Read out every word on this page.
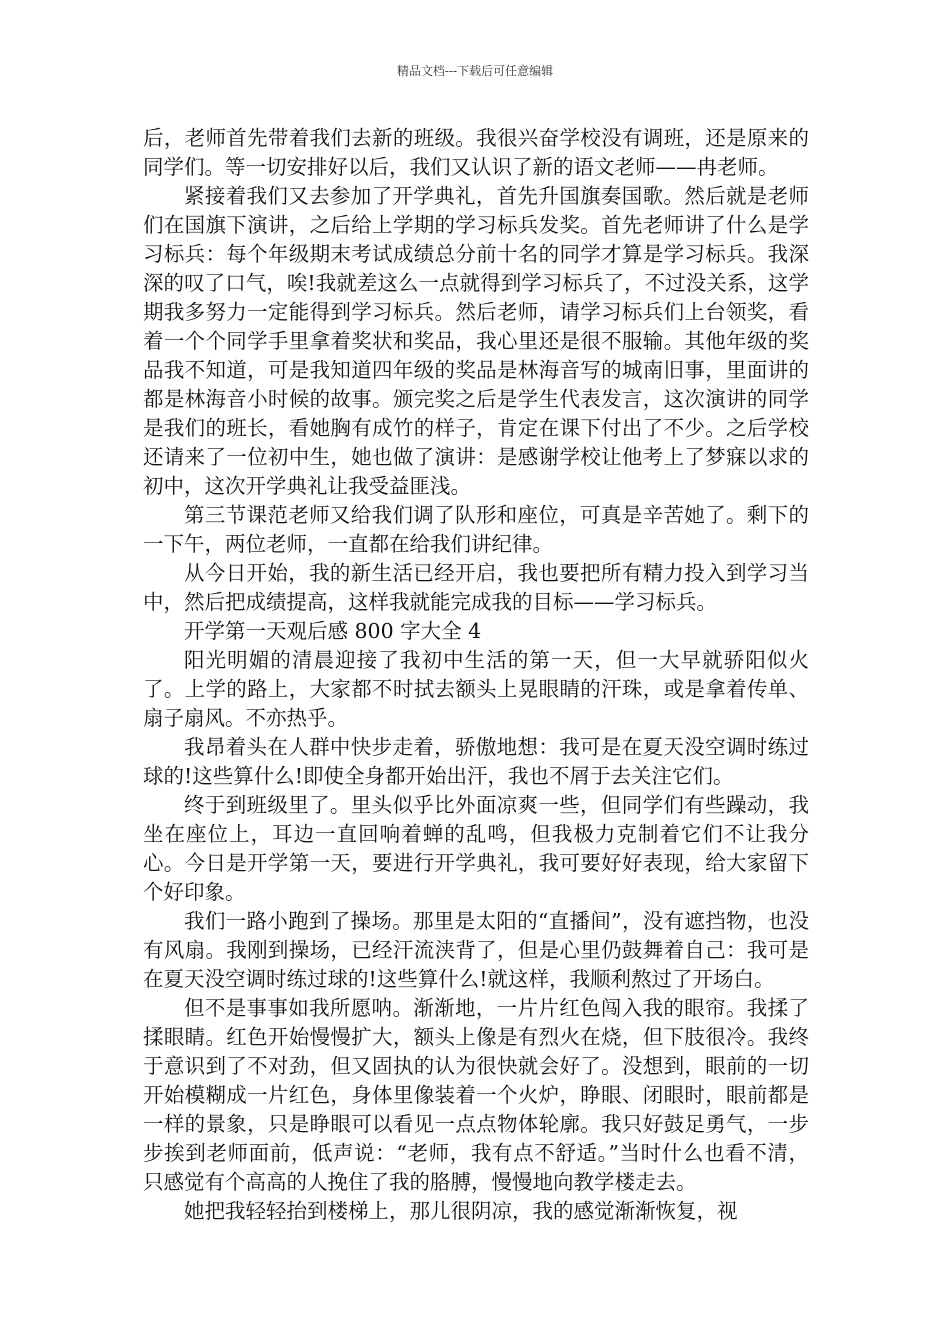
精品文档---下载后可任意编辑

后，老师首先带着我们去新的班级。我很兴奋学校没有调班，还是原来的同学们。等一切安排好以后，我们又认识了新的语文老师——冉老师。

紧接着我们又去参加了开学典礼，首先升国旗奏国歌。然后就是老师们在国旗下演讲，之后给上学期的学习标兵发奖。首先老师讲了什么是学习标兵：每个年级期末考试成绩总分前十名的同学才算是学习标兵。我深深的叹了口气，唉!我就差这么一点就得到学习标兵了，不过没关系，这学期我多努力一定能得到学习标兵。然后老师，请学习标兵们上台领奖，看着一个个同学手里拿着奖状和奖品，我心里还是很不服输。其他年级的奖品我不知道，可是我知道四年级的奖品是林海音写的城南旧事，里面讲的都是林海音小时候的故事。颁完奖之后是学生代表发言，这次演讲的同学是我们的班长，看她胸有成竹的样子，肯定在课下付出了不少。之后学校还请来了一位初中生，她也做了演讲：是感谢学校让他考上了梦寐以求的初中，这次开学典礼让我受益匪浅。

第三节课范老师又给我们调了队形和座位，可真是辛苦她了。剩下的一下午，两位老师，一直都在给我们讲纪律。

从今日开始，我的新生活已经开启，我也要把所有精力投入到学习当中，然后把成绩提高，这样我就能完成我的目标——学习标兵。

开学第一天观后感 800 字大全 4

阳光明媚的清晨迎接了我初中生活的第一天，但一大早就骄阳似火了。上学的路上，大家都不时拭去额头上晃眼睛的汗珠，或是拿着传单、扇子扇风。不亦热乎。

我昂着头在人群中快步走着，骄傲地想：我可是在夏天没空调时练过球的!这些算什么!即使全身都开始出汗，我也不屑于去关注它们。

终于到班级里了。里头似乎比外面凉爽一些，但同学们有些躁动，我坐在座位上，耳边一直回响着蝉的乱鸣，但我极力克制着它们不让我分心。今日是开学第一天，要进行开学典礼，我可要好好表现，给大家留下个好印象。

我们一路小跑到了操场。那里是太阳的“直播间”，没有遮挡物，也没有风扇。我刚到操场，已经汗流浃背了，但是心里仍鼓舞着自己：我可是在夏天没空调时练过球的!这些算什么!就这样，我顺利熬过了开场白。

但不是事事如我所愿呐。渐渐地，一片片红色闯入我的眼帘。我揉了揉眼睛。红色开始慢慢扩大，额头上像是有烈火在烧，但下肢很冷。我终于意识到了不对劲，但又固执的认为很快就会好了。没想到，眼前的一切开始模糊成一片红色，身体里像装着一个火炉，睁眼、闭眼时，眼前都是一样的景象，只是睁眼可以看见一点点物体轮廓。我只好鼓足勇气，一步步挨到老师面前，低声说：“老师，我有点不舒适。”当时什么也看不清，只感觉有个高高的人挽住了我的胳膊，慢慢地向教学楼走去。

她把我轻轻抬到楼梯上，那儿很阴凉，我的感觉渐渐恢复，视
